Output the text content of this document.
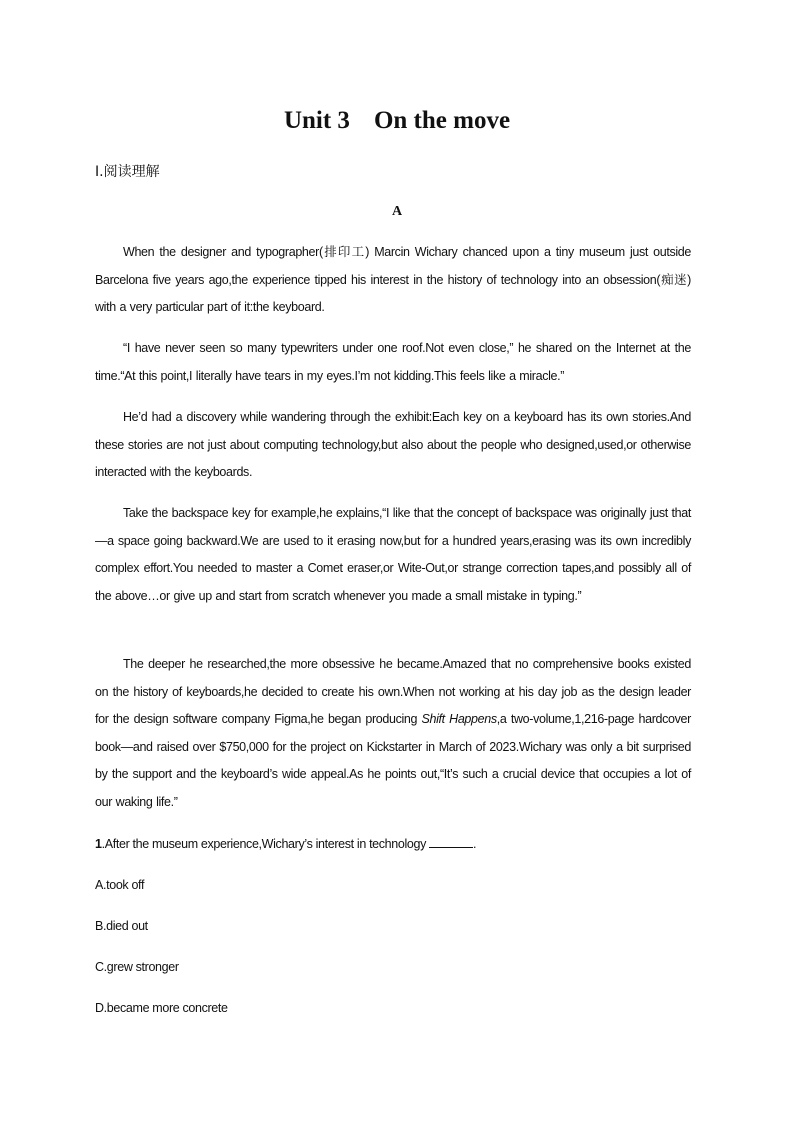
Unit 3 On the move
Ⅰ.阅读理解
A

When the designer and typographer(排印工) Marcin Wichary chanced upon a tiny museum just outside Barcelona five years ago,the experience tipped his interest in the history of technology into an obsession(痴迷) with a very particular part of it:the keyboard.

“I have never seen so many typewriters under one roof.Not even close,” he shared on the Internet at the time.“At this point,I literally have tears in my eyes.I’m not kidding.This feels like a miracle.”

He’d had a discovery while wandering through the exhibit:Each key on a keyboard has its own stories.And these stories are not just about computing technology,but also about the people who designed,used,or otherwise interacted with the keyboards.

Take the backspace key for example,he explains,“I like that the concept of backspace was originally just that—a space going backward.We are used to it erasing now,but for a hundred years,erasing was its own incredibly complex effort.You needed to master a Comet eraser,or Wite-Out,or strange correction tapes,and possibly all of the above…or give up and start from scratch whenever you made a small mistake in typing.”

The deeper he researched,the more obsessive he became.Amazed that no comprehensive books existed on the history of keyboards,he decided to create his own.When not working at his day job as the design leader for the design software company Figma,he began producing Shift Happens,a two-volume,1,216-page hardcover book—and raised over $750,000 for the project on Kickstarter in March of 2023.Wichary was only a bit surprised by the support and the keyboard’s wide appeal.As he points out,“It’s such a crucial device that occupies a lot of our waking life.”

1.After the museum experience,Wichary’s interest in technology	.
A.took off
B.died out
C.grew stronger
D.became more concrete
